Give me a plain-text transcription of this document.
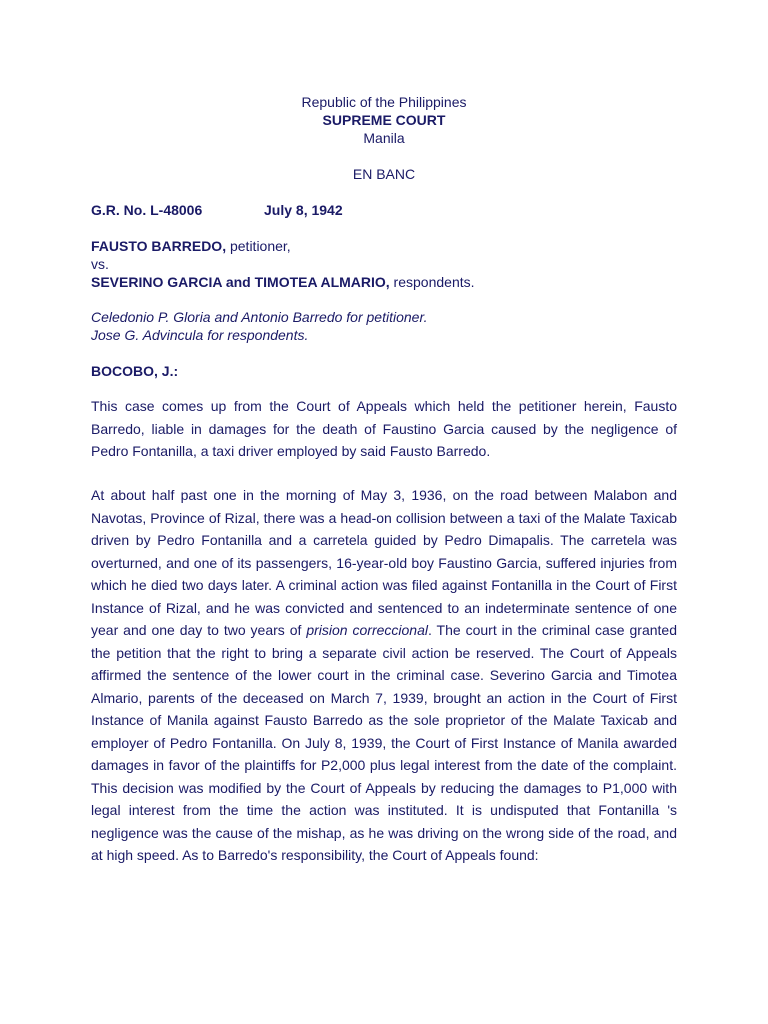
Republic of the Philippines
SUPREME COURT
Manila
EN BANC
G.R. No. L-48006	July 8, 1942
FAUSTO BARREDO, petitioner,
vs.
SEVERINO GARCIA and TIMOTEA ALMARIO, respondents.
Celedonio P. Gloria and Antonio Barredo for petitioner.
Jose G. Advincula for respondents.
BOCOBO, J.:

This case comes up from the Court of Appeals which held the petitioner herein, Fausto Barredo, liable in damages for the death of Faustino Garcia caused by the negligence of Pedro Fontanilla, a taxi driver employed by said Fausto Barredo.

At about half past one in the morning of May 3, 1936, on the road between Malabon and Navotas, Province of Rizal, there was a head-on collision between a taxi of the Malate Taxicab driven by Pedro Fontanilla and a carretela guided by Pedro Dimapalis. The carretela was overturned, and one of its passengers, 16-year-old boy Faustino Garcia, suffered injuries from which he died two days later. A criminal action was filed against Fontanilla in the Court of First Instance of Rizal, and he was convicted and sentenced to an indeterminate sentence of one year and one day to two years of prision correccional. The court in the criminal case granted the petition that the right to bring a separate civil action be reserved. The Court of Appeals affirmed the sentence of the lower court in the criminal case. Severino Garcia and Timotea Almario, parents of the deceased on March 7, 1939, brought an action in the Court of First Instance of Manila against Fausto Barredo as the sole proprietor of the Malate Taxicab and employer of Pedro Fontanilla. On July 8, 1939, the Court of First Instance of Manila awarded damages in favor of the plaintiffs for P2,000 plus legal interest from the date of the complaint. This decision was modified by the Court of Appeals by reducing the damages to P1,000 with legal interest from the time the action was instituted. It is undisputed that Fontanilla 's negligence was the cause of the mishap, as he was driving on the wrong side of the road, and at high speed. As to Barredo's responsibility, the Court of Appeals found:
